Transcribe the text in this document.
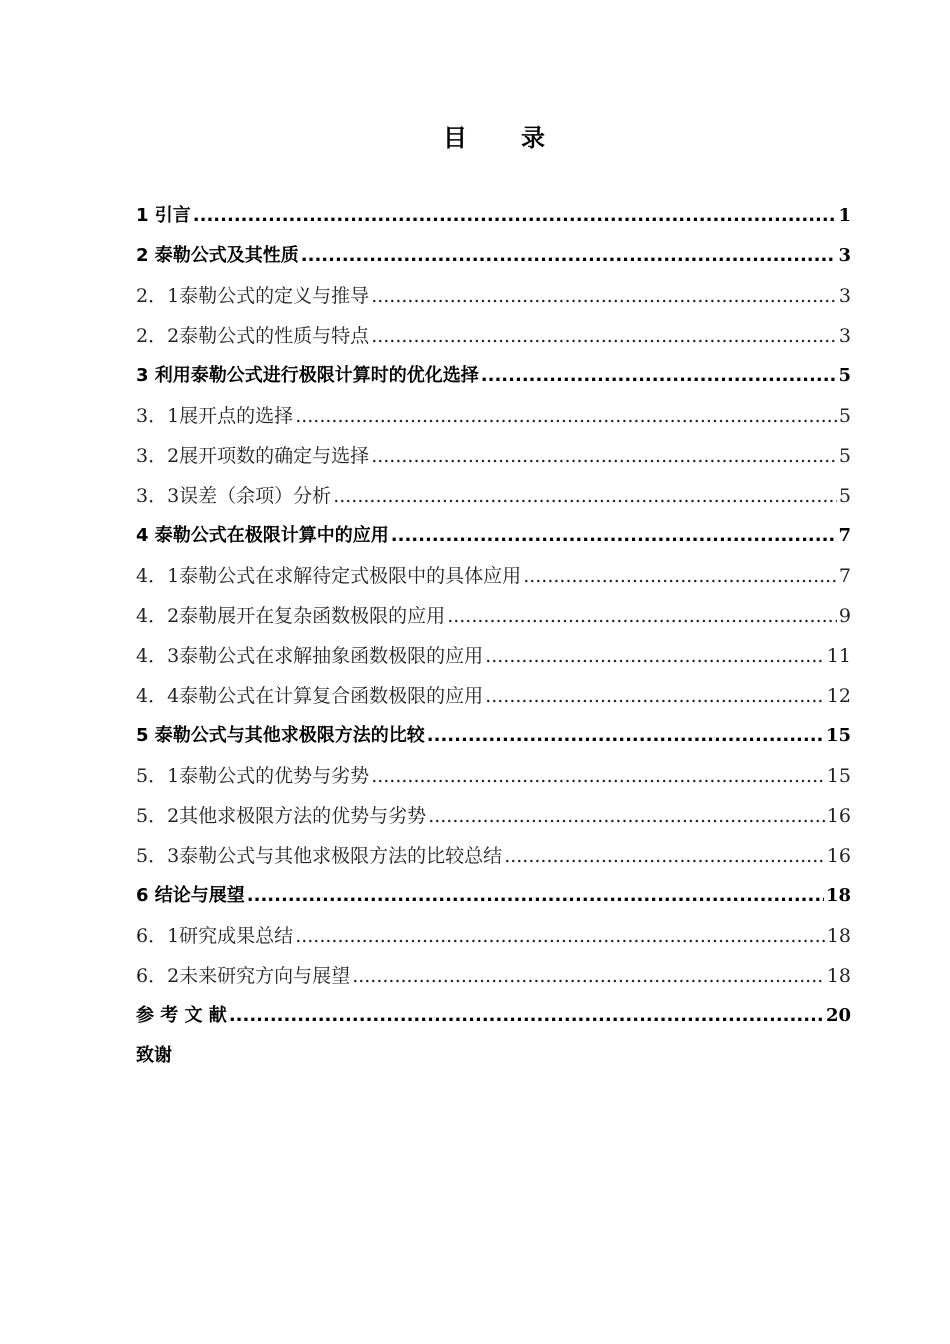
目　　录
1 引言 .....	1
2 泰勒公式及其性质 .....	3
2．1泰勒公式的定义与推导 .....	3
2．2泰勒公式的性质与特点 .....	3
3 利用泰勒公式进行极限计算时的优化选择 .....	5
3．1展开点的选择 .....	5
3．2展开项数的确定与选择 .....	5
3．3误差（余项）分析 .....	5
4 泰勒公式在极限计算中的应用 .....	7
4．1泰勒公式在求解待定式极限中的具体应用 .....	7
4．2泰勒展开在复杂函数极限的应用 .....	9
4．3泰勒公式在求解抽象函数极限的应用 .....	11
4．4泰勒公式在计算复合函数极限的应用 .....	12
5 泰勒公式与其他求极限方法的比较 .....	15
5．1泰勒公式的优势与劣势 .....	15
5．2其他求极限方法的优势与劣势 .....	16
5．3泰勒公式与其他求极限方法的比较总结 .....	16
6 结论与展望 .....	18
6．1研究成果总结 .....	18
6．2未来研究方向与展望 .....	18
参 考 文 献 .....	20
致谢
